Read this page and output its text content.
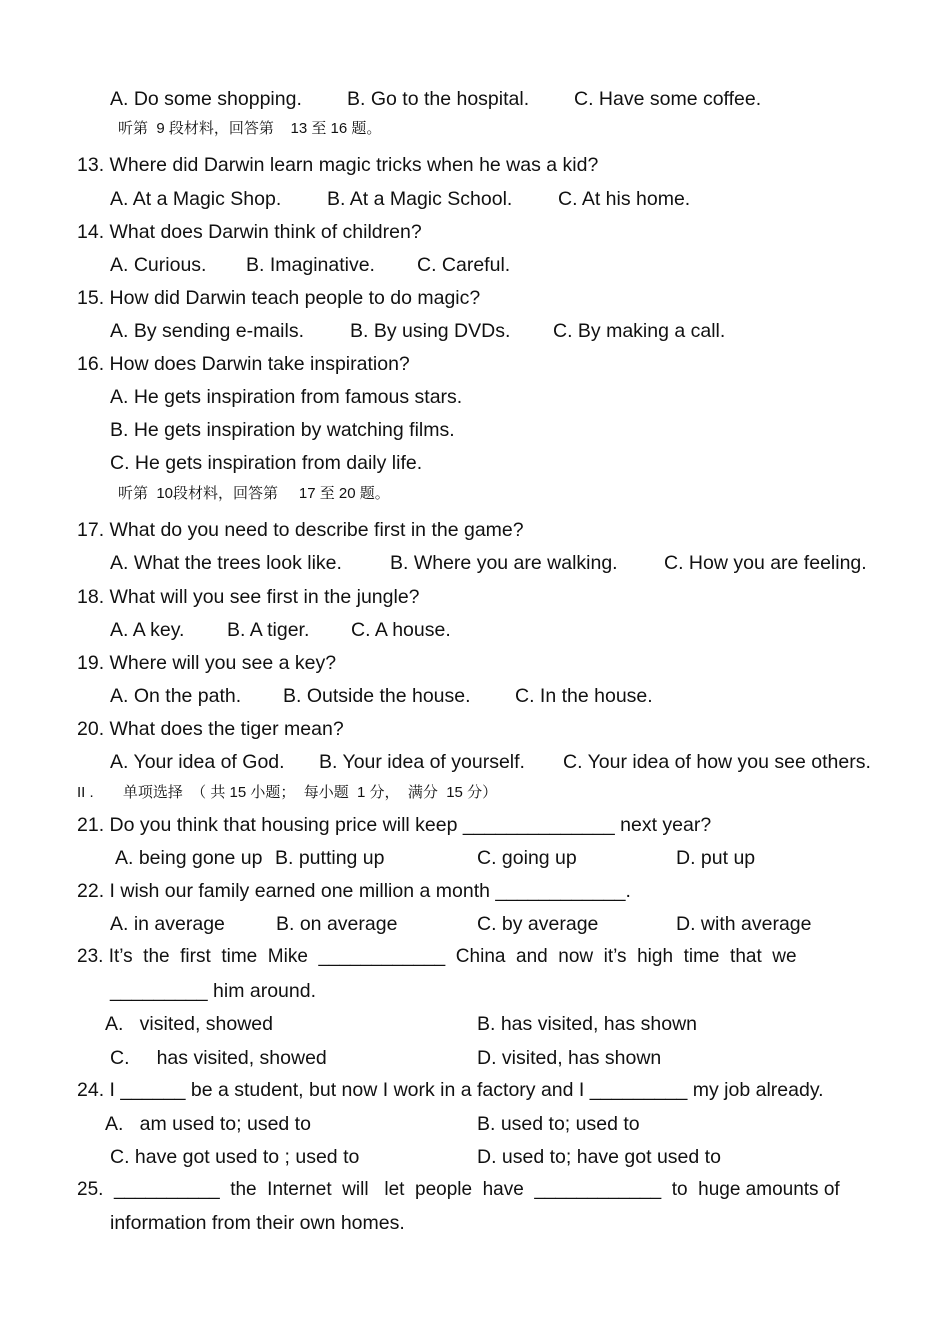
A. Do some shopping. B. Go to the hospital. C. Have some coffee.
听第  9 段材料，回答第    13 至 16 题。
13. Where did Darwin learn magic tricks when he was a kid?
A. At a Magic Shop. B. At a Magic School. C. At his home.
14. What does Darwin think of children?
A. Curious. B. Imaginative. C. Careful.
15. How did Darwin teach people to do magic?
A. By sending e-mails. B. By using DVDs. C. By making a call.
16. How does Darwin take inspiration?
A. He gets inspiration from famous stars.
B. He gets inspiration by watching films.
C. He gets inspiration from daily life.
听第  10段材料，回答第     17 至 20 题。
17. What do you need to describe first in the game?
A. What the trees look like. B. Where you are walking. C. How you are feeling.
18. What will you see first in the jungle?
A. A key. B. A tiger. C. A house.
19. Where will you see a key?
A. On the path. B. Outside the house. C. In the house.
20. What does the tiger mean?
A. Your idea of God. B. Your idea of yourself. C. Your idea of how you see others.
II .       单项选择  （ 共 15 小题；  每小题  1 分，  满分  15 分）
21. Do you think that housing price will keep ______________ next year?
A. being gone up B. putting up	C. going up	D. put up
22. I wish our family earned one million a month ____________.
A. in average	B. on average	C. by average	D. with average
23. It’s  the  first  time  Mike  ____________  China  and  now  it’s  high  time  that  we
_________ him around.
A.   visited, showed	B. has visited, has shown
C.     has visited, showed	D. visited, has shown
24. I ______ be a student, but now I work in a factory and I _________ my job already.
A.   am used to; used to	B. used to; used to
C. have got used to ; used to	D. used to; have got used to
25.  __________  the  Internet  will   let  people  have  ____________  to  huge amounts of
information from their own homes.
